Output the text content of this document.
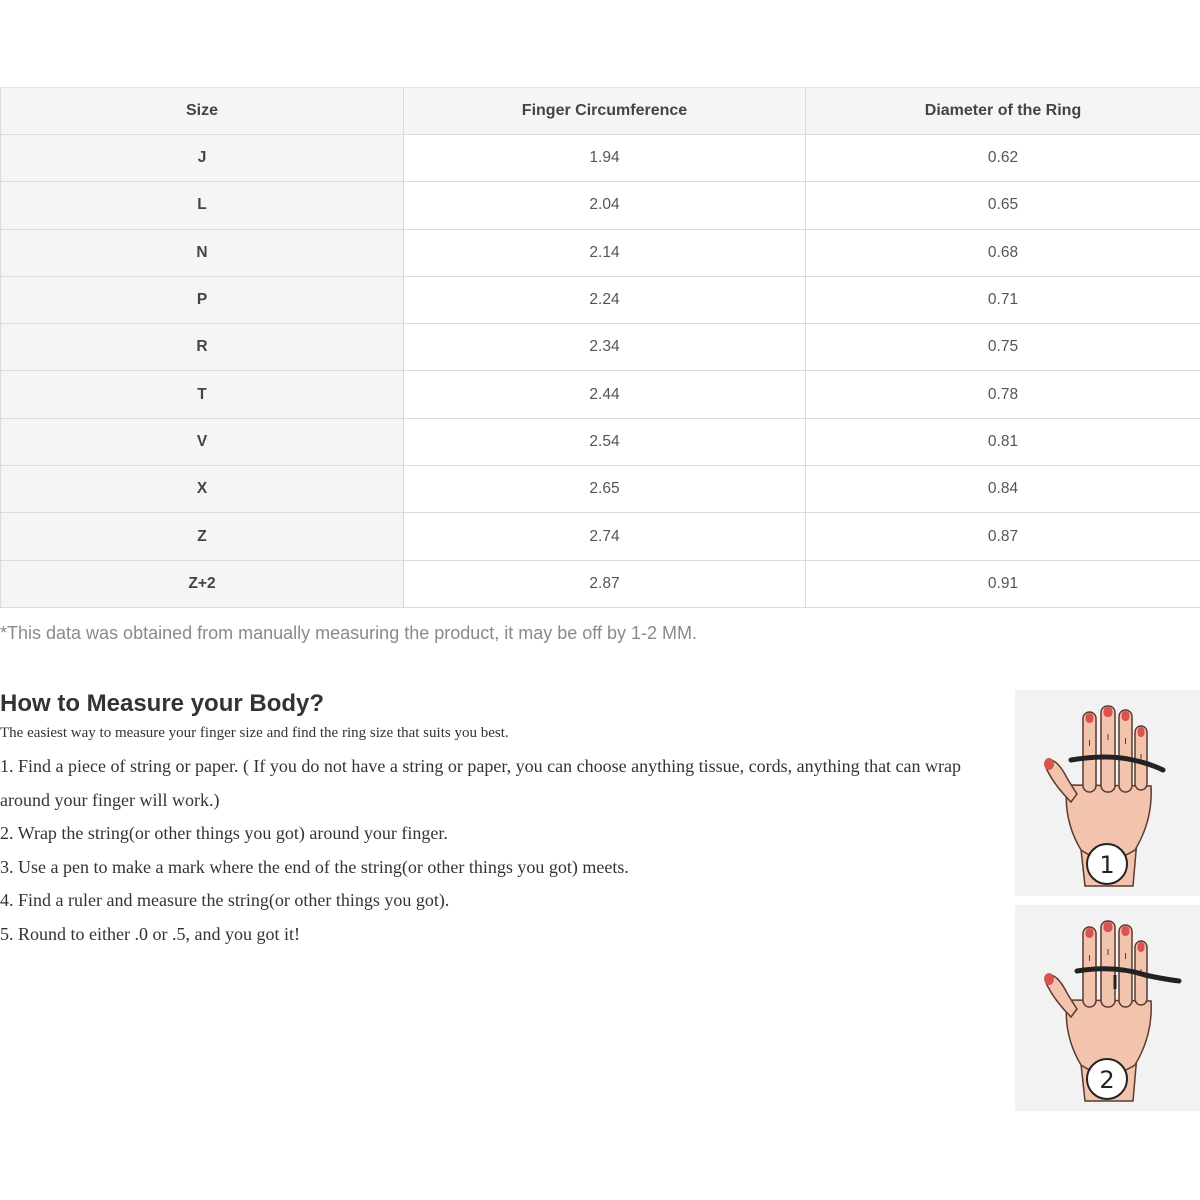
Size	Finger Circumference	Diameter of the Ring
J	1.94	0.62
L	2.04	0.65
N	2.14	0.68
P	2.24	0.71
R	2.34	0.75
T	2.44	0.78
V	2.54	0.81
X	2.65	0.84
Z	2.74	0.87
Z+2	2.87	0.91
*This data was obtained from manually measuring the product, it may be off by 1-2 MM.
How to Measure your Body?
The easiest way to measure your finger size and find the ring size that suits you best.
1. Find a piece of string or paper. ( If you do not have a string or paper, you can choose anything tissue, cords, anything that can wrap around your finger will work.)
2. Wrap the string(or other things you got) around your finger.
3. Use a pen to make a mark where the end of the string(or other things you got) meets.
4. Find a ruler and measure the string(or other things you got).
5. Round to either .0 or .5, and you got it!
1
2
